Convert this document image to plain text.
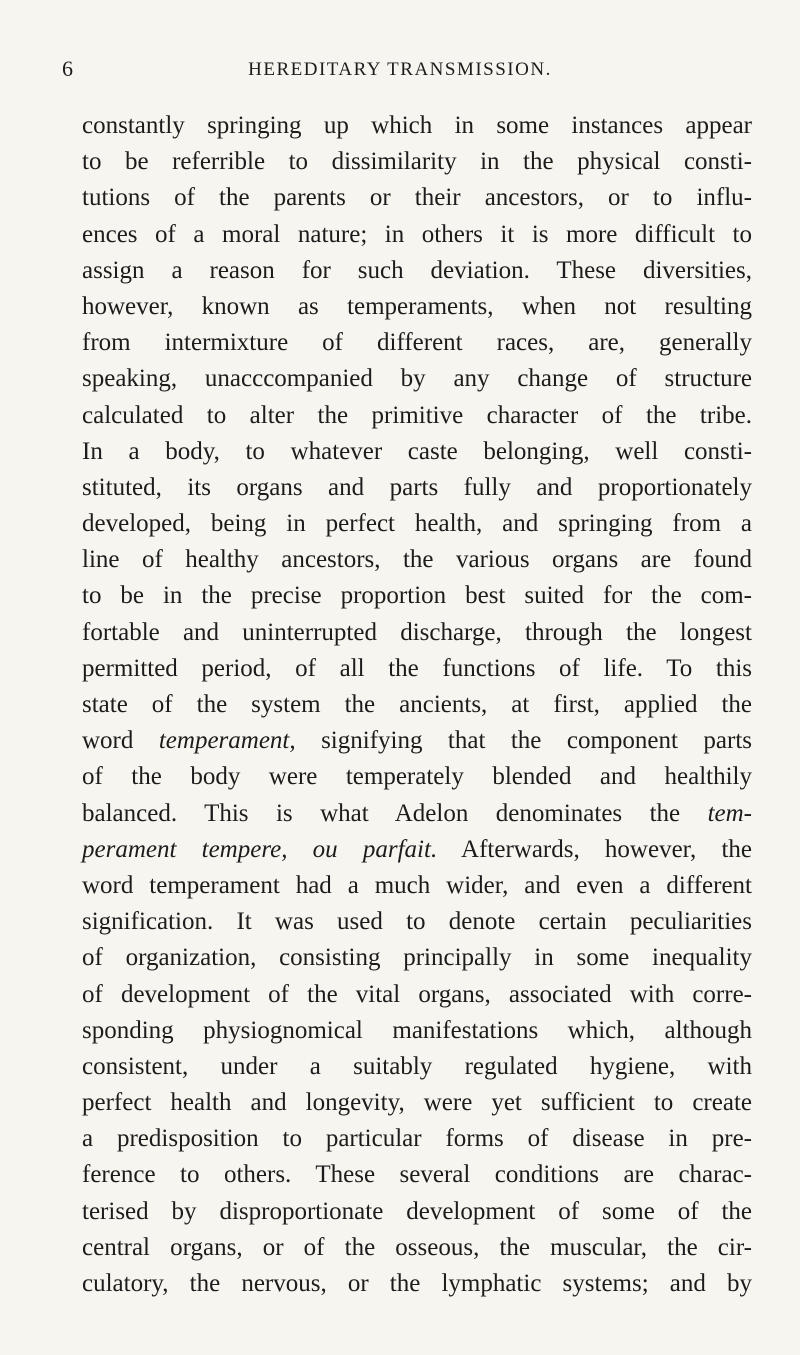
6	HEREDITARY TRANSMISSION.
constantly springing up which in some instances appear
to be referrible to dissimilarity in the physical consti-
tutions of the parents or their ancestors, or to influ-
ences of a moral nature; in others it is more difficult to
assign a reason for such deviation. These diversities,
however, known as temperaments, when not resulting
from intermixture of different races, are, generally
speaking, unacccompanied by any change of structure
calculated to alter the primitive character of the tribe.
In a body, to whatever caste belonging, well consti-
stituted, its organs and parts fully and proportionately
developed, being in perfect health, and springing from a
line of healthy ancestors, the various organs are found
to be in the precise proportion best suited for the com-
fortable and uninterrupted discharge, through the longest
permitted period, of all the functions of life. To this
state of the system the ancients, at first, applied the
word temperament, signifying that the component parts
of the body were temperately blended and healthily
balanced. This is what Adelon denominates the tem-
perament tempere, ou parfait. Afterwards, however, the
word temperament had a much wider, and even a different
signification. It was used to denote certain peculiarities
of organization, consisting principally in some inequality
of development of the vital organs, associated with corre-
sponding physiognomical manifestations which, although
consistent, under a suitably regulated hygiene, with
perfect health and longevity, were yet sufficient to create
a predisposition to particular forms of disease in pre-
ference to others. These several conditions are charac-
terised by disproportionate development of some of the
central organs, or of the osseous, the muscular, the cir-
culatory, the nervous, or the lymphatic systems; and by
